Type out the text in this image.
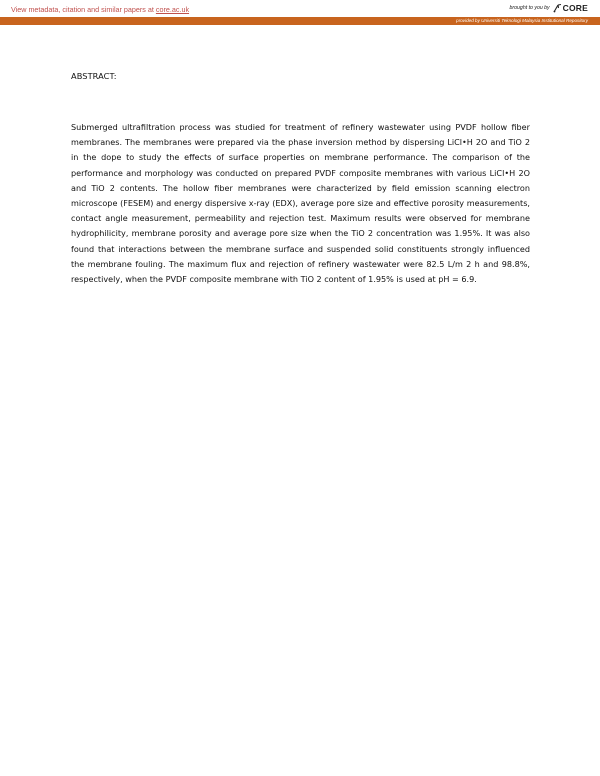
View metadata, citation and similar papers at core.ac.uk	brought to you by CORE
provided by Universiti Teknologi Malaysia Institutional Repository
ABSTRACT:

Submerged ultrafiltration process was studied for treatment of refinery wastewater using PVDF hollow fiber membranes. The membranes were prepared via the phase inversion method by dispersing LiCl•H 2O and TiO 2 in the dope to study the effects of surface properties on membrane performance. The comparison of the performance and morphology was conducted on prepared PVDF composite membranes with various LiCl•H 2O and TiO 2 contents. The hollow fiber membranes were characterized by field emission scanning electron microscope (FESEM) and energy dispersive x-ray (EDX), average pore size and effective porosity measurements, contact angle measurement, permeability and rejection test. Maximum results were observed for membrane hydrophilicity, membrane porosity and average pore size when the TiO 2 concentration was 1.95%. It was also found that interactions between the membrane surface and suspended solid constituents strongly influenced the membrane fouling. The maximum flux and rejection of refinery wastewater were 82.5 L/m 2 h and 98.8%, respectively, when the PVDF composite membrane with TiO 2 content of 1.95% is used at pH = 6.9.
